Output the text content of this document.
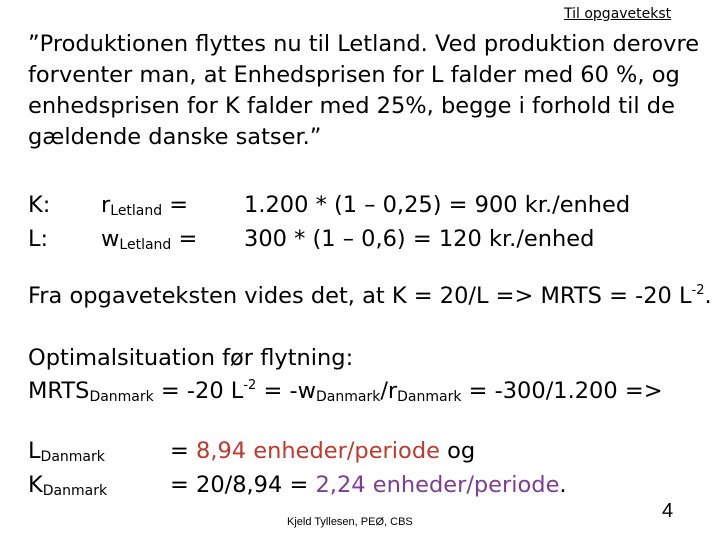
Til opgavetekst
”Produktionen flyttes nu til Letland. Ved produktion derovre forventer man, at Enhedsprisen for L falder med 60 %, og enhedsprisen for K falder med 25%, begge i forhold til de gældende danske satser.”
K: $r_{Letland} = 1.200 * (1 - 0,25) = 900$ kr./enhed
L: $w_{Letland} = 300 * (1 - 0,6) = 120$ kr./enhed
Fra opgaveteksten vides det, at K = 20/L => MRTS = -20 $L^{-2}$.
Optimalsituation før flytning:
$MRTS_{Danmark} = -20$ $L^{-2} = -w_{Danmark}/r_{Danmark} = -300/1.200$ =>
$L_{Danmark}$	= 8,94 enheder/periode og
$K_{Danmark}$	= 20/8,94 = 2,24 enheder/periode.
Kjeld Tyllesen, PEØ, CBS	4
